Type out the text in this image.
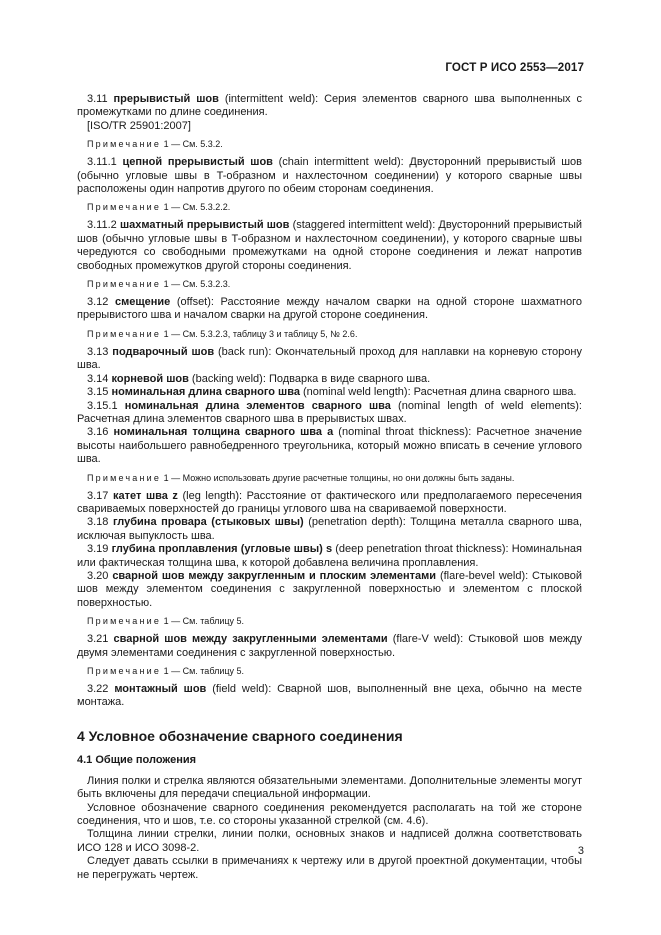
ГОСТ Р ИСО 2553—2017

3.11 прерывистый шов (intermittent weld): Серия элементов сварного шва выполненных с промежутками по длине соединения.

[ISO/TR 25901:2007]

Примечание 1 — См. 5.3.2.

3.11.1 цепной прерывистый шов (chain intermittent weld): Двусторонний прерывистый шов (обычно угловые швы в T-образном и нахлесточном соединении) у которого сварные швы расположены один напротив другого по обеим сторонам соединения.

Примечание 1 — См. 5.3.2.2.

3.11.2 шахматный прерывистый шов (staggered intermittent weld): Двусторонний прерывистый шов (обычно угловые швы в T-образном и нахлесточном соединении), у которого сварные швы чередуются со свободными промежутками на одной стороне соединения и лежат напротив свободных промежутков другой стороны соединения.

Примечание 1 — См. 5.3.2.3.

3.12 смещение (offset): Расстояние между началом сварки на одной стороне шахматного прерывистого шва и началом сварки на другой стороне соединения.

Примечание 1 — См. 5.3.2.3, таблицу 3 и таблицу 5, № 2.6.

3.13 подварочный шов (back run): Окончательный проход для наплавки на корневую сторону шва.

3.14 корневой шов (backing weld): Подварка в виде сварного шва.

3.15 номинальная длина сварного шва (nominal weld length): Расчетная длина сварного шва.

3.15.1 номинальная длина элементов сварного шва (nominal length of weld elements): Расчетная длина элементов сварного шва в прерывистых швах.

3.16 номинальная толщина сварного шва a (nominal throat thickness): Расчетное значение высоты наибольшего равнобедренного треугольника, который можно вписать в сечение углового шва.

Примечание 1 — Можно использовать другие расчетные толщины, но они должны быть заданы.

3.17 катет шва z (leg length): Расстояние от фактического или предполагаемого пересечения свариваемых поверхностей до границы углового шва на свариваемой поверхности.

3.18 глубина провара (стыковых швы) (penetration depth): Толщина металла сварного шва, исключая выпуклость шва.

3.19 глубина проплавления (угловые швы) s (deep penetration throat thickness): Номинальная или фактическая толщина шва, к которой добавлена величина проплавления.

3.20 сварной шов между закругленным и плоским элементами (flare-bevel weld): Стыковой шов между элементом соединения с закругленной поверхностью и элементом с плоской поверхностью.

Примечание 1 — См. таблицу 5.

3.21 сварной шов между закругленными элементами (flare-V weld): Стыковой шов между двумя элементами соединения с закругленной поверхностью.

Примечание 1 — См. таблицу 5.

3.22 монтажный шов (field weld): Сварной шов, выполненный вне цеха, обычно на месте монтажа.

4 Условное обозначение сварного соединения
4.1 Общие положения

Линия полки и стрелка являются обязательными элементами. Дополнительные элементы могут быть включены для передачи специальной информации.

Условное обозначение сварного соединения рекомендуется располагать на той же стороне соединения, что и шов, т.е. со стороны указанной стрелкой (см. 4.6).

Толщина линии стрелки, линии полки, основных знаков и надписей должна соответствовать ИСО 128 и ИСО 3098-2.

Следует давать ссылки в примечаниях к чертежу или в другой проектной документации, чтобы не перегружать чертеж.

3
